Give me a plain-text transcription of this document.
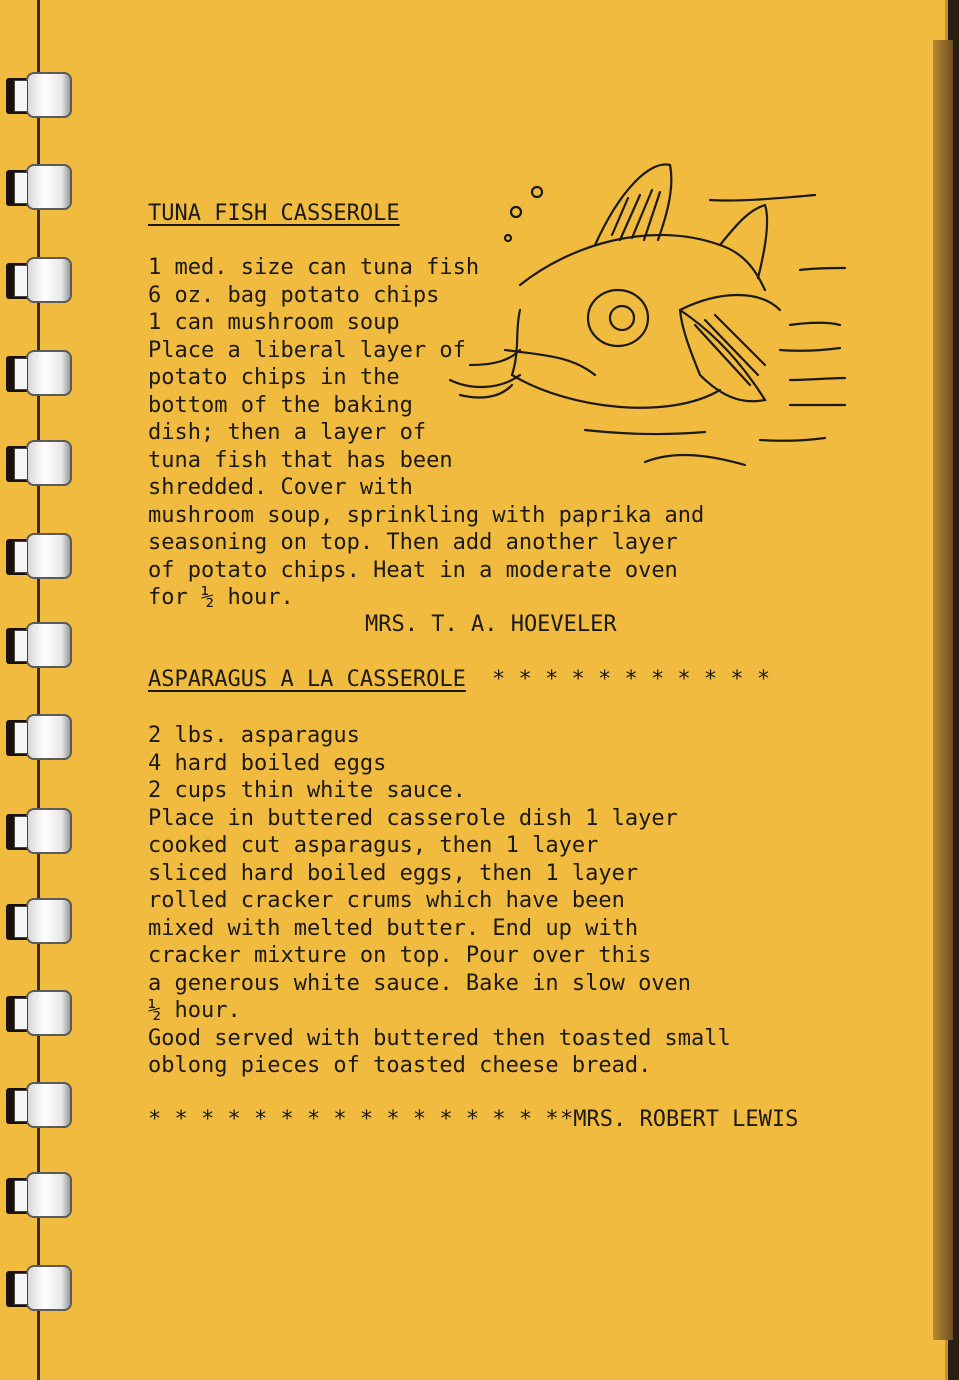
TUNA FISH CASSEROLE
1 med. size can tuna fish
6 oz. bag potato chips
1 can mushroom soup
Place a liberal layer of
potato chips in the
bottom of the baking
dish; then a layer of
tuna fish that has been
shredded. Cover with
mushroom soup, sprinkling with paprika and
seasoning on top. Then add another layer
of potato chips. Heat in a moderate oven
for ½ hour.
MRS. T. A. HOEVELER
ASPARAGUS A LA CASSEROLE * * * * * * * * * * *
2 lbs. asparagus
4 hard boiled eggs
2 cups thin white sauce.
Place in buttered casserole dish 1 layer
cooked cut asparagus, then 1 layer
sliced hard boiled eggs, then 1 layer
rolled cracker crums which have been
mixed with melted butter. End up with
cracker mixture on top. Pour over this
a generous white sauce. Bake in slow oven
½ hour.
Good served with buttered then toasted small
oblong pieces of toasted cheese bread.
* * * * * * * * * * * * * * * * *MRS. ROBERT LEWIS
